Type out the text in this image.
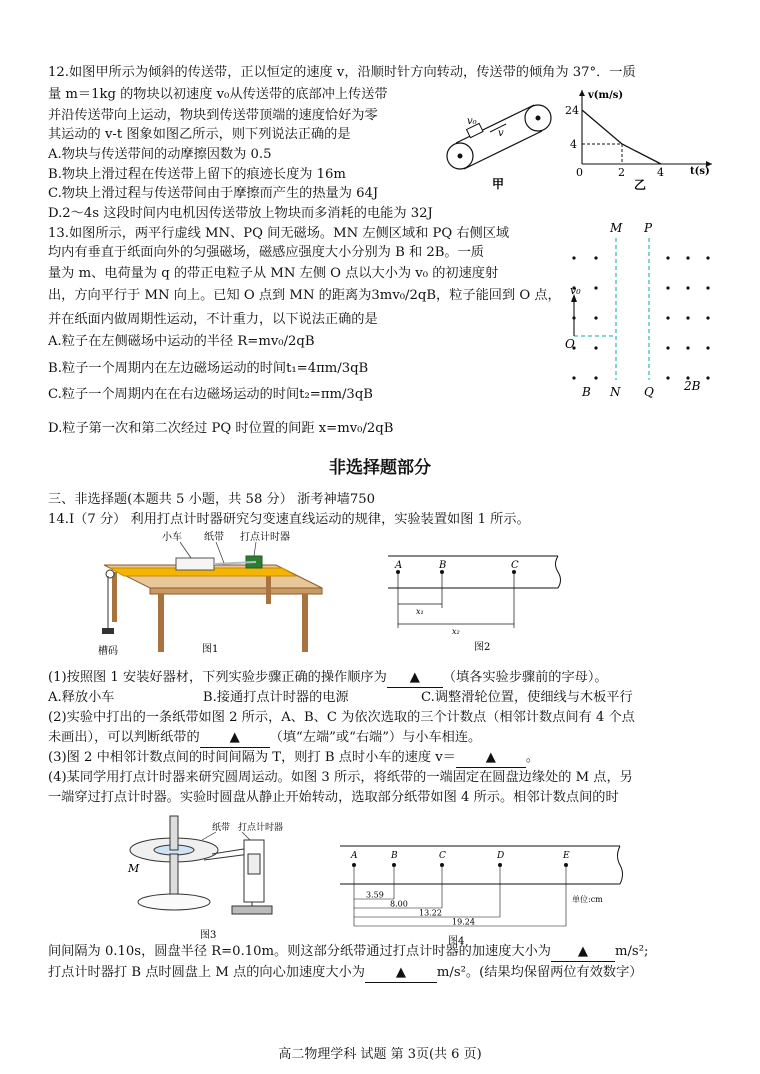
12.如图甲所示为倾斜的传送带，正以恒定的速度 v，沿顺时针方向转动，传送带的倾角为 37°．一质
量 m＝1kg 的物块以初速度 v₀从传送带的底部冲上传送带
并沿传送带向上运动，物块到传送带顶端的速度恰好为零
其运动的 v-t 图象如图乙所示，则下列说法正确的是
A.物块与传送带间的动摩擦因数为 0.5
B.物块上滑过程在传送带上留下的痕迹长度为 16m
C.物块上滑过程与传送带间由于摩擦而产生的热量为 64J
D.2～4s 这段时间内电机因传送带放上物块而多消耗的电能为 32J
v₀
v
甲
v(m/s)
24
4
0	2	4	t(s)
乙
13.如图所示，两平行虚线 MN、PQ 间无磁场。MN 左侧区域和 PQ 右侧区域
均内有垂直于纸面向外的匀强磁场，磁感应强度大小分别为 B 和 2B。一质
量为 m、电荷量为 q 的带正电粒子从 MN 左侧 O 点以大小为 v₀ 的初速度射
出，方向平行于 MN 向上。已知 O 点到 MN 的距离为3mv₀/2qB，粒子能回到 O 点，
并在纸面内做周期性运动，不计重力，以下说法正确的是
A.粒子在左侧磁场中运动的半径 R=mv₀/2qB
B.粒子一个周期内在左边磁场运动的时间t₁=4πm/3qB
C.粒子一个周期内在在右边磁场运动的时间t₂=πm/3qB
D.粒子第一次和第二次经过 PQ 时位置的间距 x=mv₀/2qB
M P
N Q
O
B	2B
v₀
非选择题部分
三、非选择题(本题共 5 小题，共 58 分） 浙考神墙750
14.Ⅰ（7 分） 利用打点计时器研究匀变速直线运动的规律，实验装置如图 1 所示。
小车 纸带 打点计时器
槽码	图1
A	B	C
x₁
x₂
图2
(1)按照图 1 安装好器材，下列实验步骤正确的操作顺序为 ▲ （填各实验步骤前的字母）。
A.释放小车	B.接通打点计时器的电源	C.调整滑轮位置，使细线与木板平行
(2)实验中打出的一条纸带如图 2 所示，A、B、C 为依次选取的三个计数点（相邻计数点间有 4 个点
未画出），可以判断纸带的 ▲ （填“左端”或“右端”）与小车相连。
(3)图 2 中相邻计数点间的时间间隔为 T，则打 B 点时小车的速度 v＝ ▲ 。
(4)某同学用打点计时器来研究圆周运动。如图 3 所示，将纸带的一端固定在圆盘边缘处的 M 点，另
一端穿过打点计时器。实验时圆盘从静止开始转动，选取部分纸带如图 4 所示。相邻计数点间的时
纸带 打点计时器
M
图3
A	B	C	D	E
3.59
8.00
13.22
19.24
单位:cm
图4
间间隔为 0.10s，圆盘半径 R=0.10m。则这部分纸带通过打点计时器的加速度大小为 ▲ m/s²;
打点计时器打 B 点时圆盘上 M 点的向心加速度大小为 ▲ m/s²。(结果均保留两位有效数字）
高二物理学科 试题 第 3页(共 6 页)
